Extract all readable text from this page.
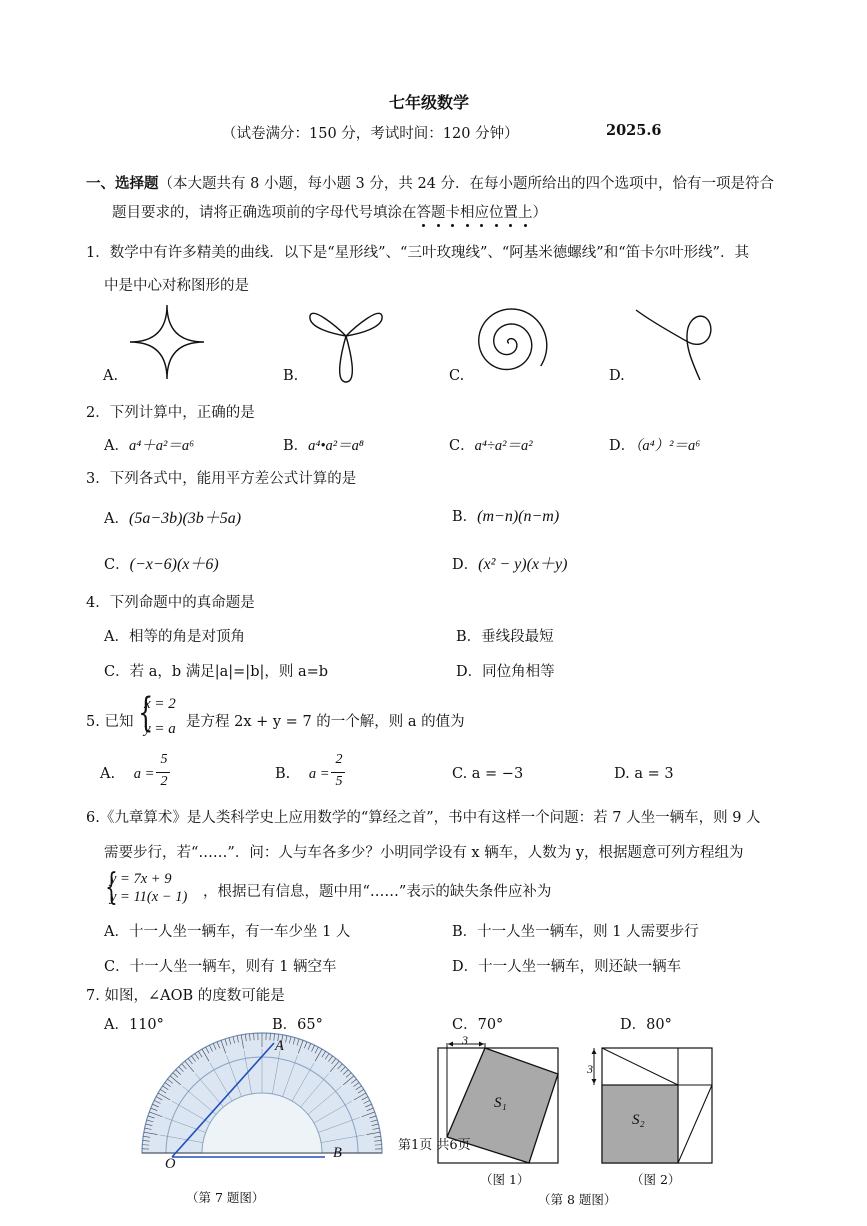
七年级数学
（试卷满分：150 分，考试时间：120 分钟）	2025.6
一、选择题（本大题共有 8 小题，每小题 3 分，共 24 分．在每小题所给出的四个选项中，恰有一项是符合
题目要求的，请将正确选项前的字母代号填涂在答题卡相应位置上）
1．数学中有许多精美的曲线．以下是“星形线”、“三叶玫瑰线”、“阿基米德螺线”和“笛卡尔叶形线”．其
中是中心对称图形的是
A.	B.	C.	D.
2．下列计算中，正确的是
A．a⁴＋a²＝a⁶	B．a⁴•a²＝a⁸	C．a⁴÷a²＝a²	D．（a⁴）²＝a⁶
3．下列各式中，能用平方差公式计算的是
A．(5a−3b)(3b＋5a)	B．(m−n)(n−m)
C．(−x−6)(x＋6)	D．(x² − y)(x＋y)
4．下列命题中的真命题是
A．相等的角是对顶角	B．垂线段最短
C．若 a，b 满足|a|=|b|，则 a=b	D．同位角相等
5. 已知 {
x = 2
y = a 是方程 2x + y = 7 的一个解，则 a 的值为
A. a =
5
2	B. a =
2
5	C. a = −3	D. a = 3
6.《九章算术》是人类科学史上应用数学的“算经之首”，书中有这样一个问题：若 7 人坐一辆车，则 9 人
需要步行，若“……”．问：人与车各多少？小明同学设有 x 辆车，人数为 y，根据题意可列方程组为
{
y = 7x + 9
y = 11(x − 1) ，根据已有信息，题中用“……”表示的缺失条件应补为
A．十一人坐一辆车，有一车少坐 1 人	B．十一人坐一辆车，则 1 人需要步行
C．十一人坐一辆车，则有 1 辆空车	D．十一人坐一辆车，则还缺一辆车
7. 如图，∠AOB 的度数可能是
A．110°	B．65°	C．70°	D．80°
A
B
O
（第 7 题图）
3
S₁
（图 1）
3
S₂
（图 2）
（第 8 题图）
第1页 共6页
